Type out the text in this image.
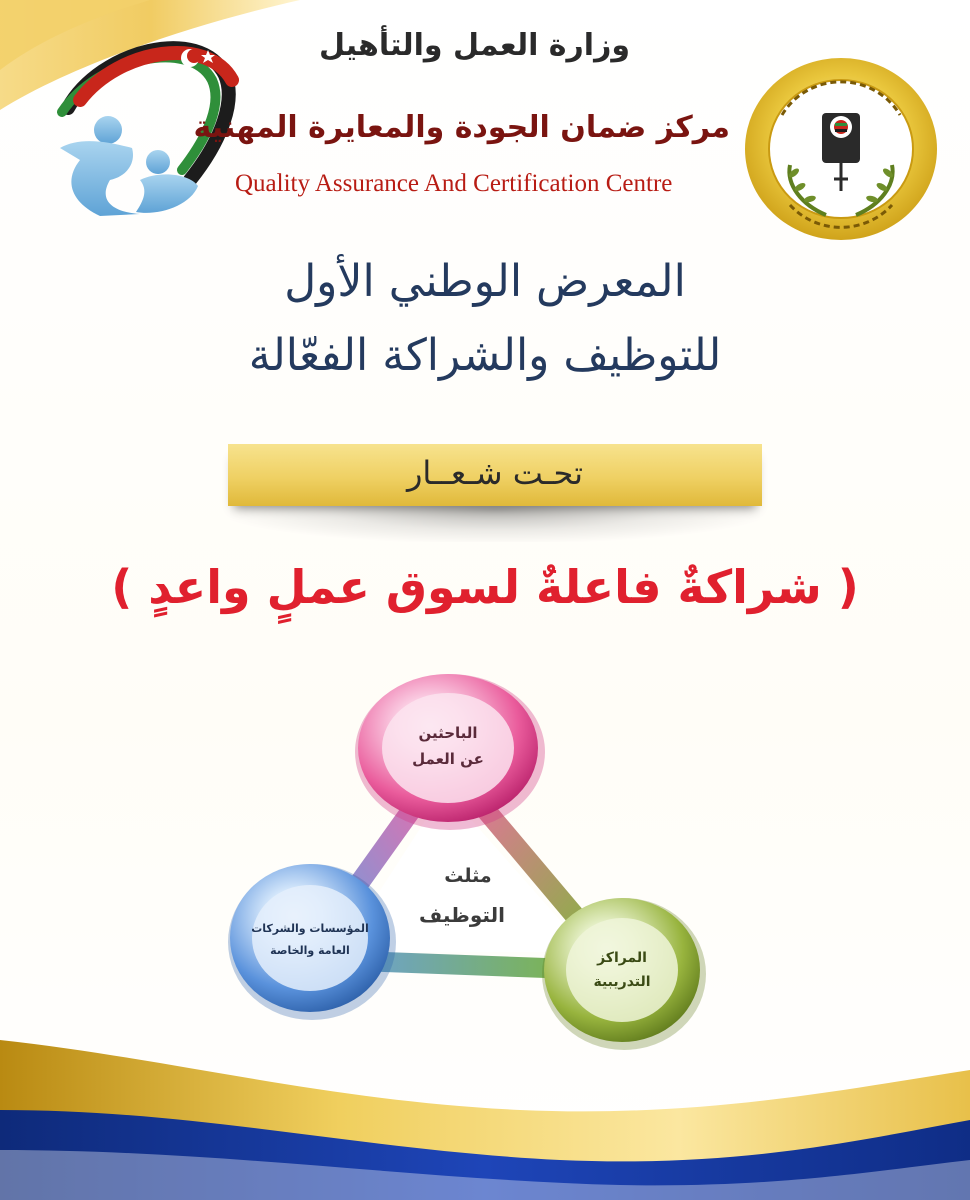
وزارة العمل والتأهيل
مركز ضمان الجودة والمعايرة المهنية
Quality Assurance And Certification Centre
المعرض الوطني الأول
للتوظيف والشراكة الفعّالة
تحـت شـعــار
( شراكةٌ فاعلةٌ لسوق عملٍ واعدٍ )
الباحثين
عن العمل
المؤسسات والشركات
العامة والخاصة	المراكز
التدريبية
مثلث
التوظيف
